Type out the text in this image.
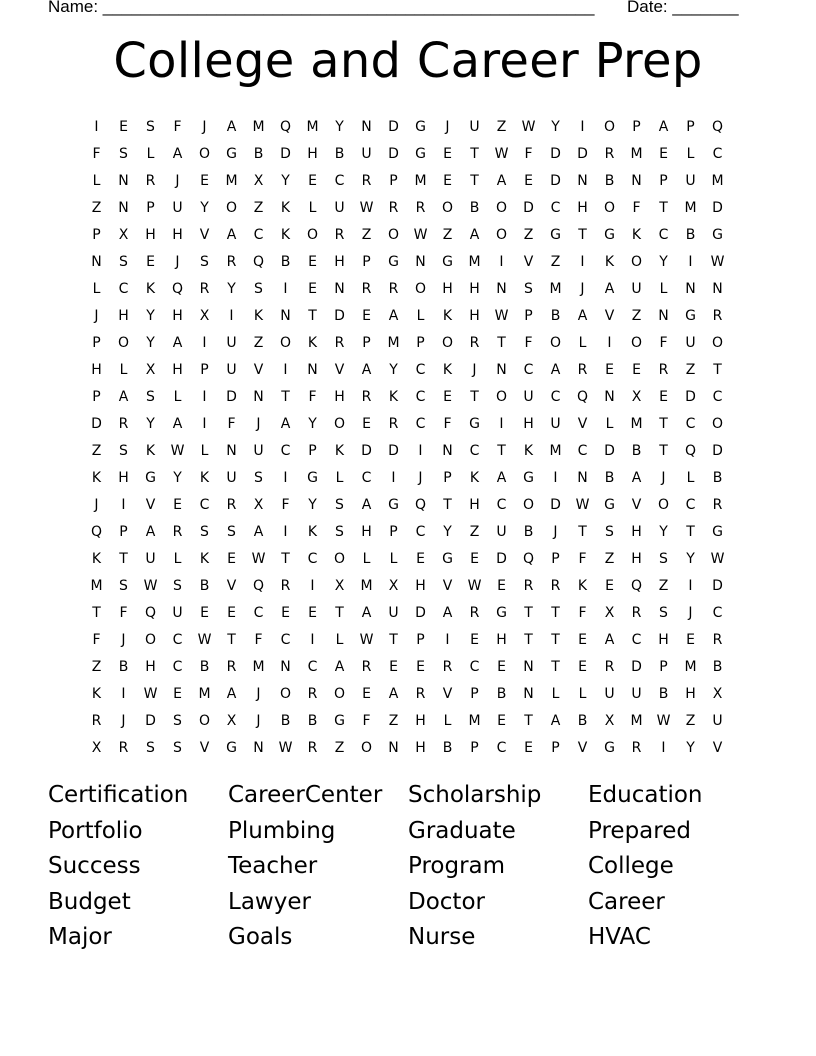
Name: ____________________________________________________ Date: _______
College and Career Prep
I	E	S	F	J	A	M	Q	M	Y	N	D	G	J	U	Z	W	Y	I	O	P	A	P	Q
F	S	L	A	O	G	B	D	H	B	U	D	G	E	T	W	F	D	D	R	M	E	L	C
L	N	R	J	E	M	X	Y	E	C	R	P	M	E	T	A	E	D	N	B	N	P	U	M
Z	N	P	U	Y	O	Z	K	L	U	W	R	R	O	B	O	D	C	H	O	F	T	M	D
P	X	H	H	V	A	C	K	O	R	Z	O	W	Z	A	O	Z	G	T	G	K	C	B	G
N	S	E	J	S	R	Q	B	E	H	P	G	N	G	M	I	V	Z	I	K	O	Y	I	W
L	C	K	Q	R	Y	S	I	E	N	R	R	O	H	H	N	S	M	J	A	U	L	N	N
J	H	Y	H	X	I	K	N	T	D	E	A	L	K	H	W	P	B	A	V	Z	N	G	R
P	O	Y	A	I	U	Z	O	K	R	P	M	P	O	R	T	F	O	L	I	O	F	U	O
H	L	X	H	P	U	V	I	N	V	A	Y	C	K	J	N	C	A	R	E	E	R	Z	T
P	A	S	L	I	D	N	T	F	H	R	K	C	E	T	O	U	C	Q	N	X	E	D	C
D	R	Y	A	I	F	J	A	Y	O	E	R	C	F	G	I	H	U	V	L	M	T	C	O
Z	S	K	W	L	N	U	C	P	K	D	D	I	N	C	T	K	M	C	D	B	T	Q	D
K	H	G	Y	K	U	S	I	G	L	C	I	J	P	K	A	G	I	N	B	A	J	L	B
J	I	V	E	C	R	X	F	Y	S	A	G	Q	T	H	C	O	D	W	G	V	O	C	R
Q	P	A	R	S	S	A	I	K	S	H	P	C	Y	Z	U	B	J	T	S	H	Y	T	G
K	T	U	L	K	E	W	T	C	O	L	L	E	G	E	D	Q	P	F	Z	H	S	Y	W
M	S	W	S	B	V	Q	R	I	X	M	X	H	V	W	E	R	R	K	E	Q	Z	I	D
T	F	Q	U	E	E	C	E	E	T	A	U	D	A	R	G	T	T	F	X	R	S	J	C
F	J	O	C	W	T	F	C	I	L	W	T	P	I	E	H	T	T	E	A	C	H	E	R
Z	B	H	C	B	R	M	N	C	A	R	E	E	R	C	E	N	T	E	R	D	P	M	B
K	I	W	E	M	A	J	O	R	O	E	A	R	V	P	B	N	L	L	U	U	B	H	X
R	J	D	S	O	X	J	B	B	G	F	Z	H	L	M	E	T	A	B	X	M	W	Z	U
X	R	S	S	V	G	N	W	R	Z	O	N	H	B	P	C	E	P	V	G	R	I	Y	V
Certification	CareerCenter	Scholarship	Education
Portfolio	Plumbing	Graduate	Prepared
Success	Teacher	Program	College
Budget	Lawyer	Doctor	Career
Major	Goals	Nurse	HVAC
